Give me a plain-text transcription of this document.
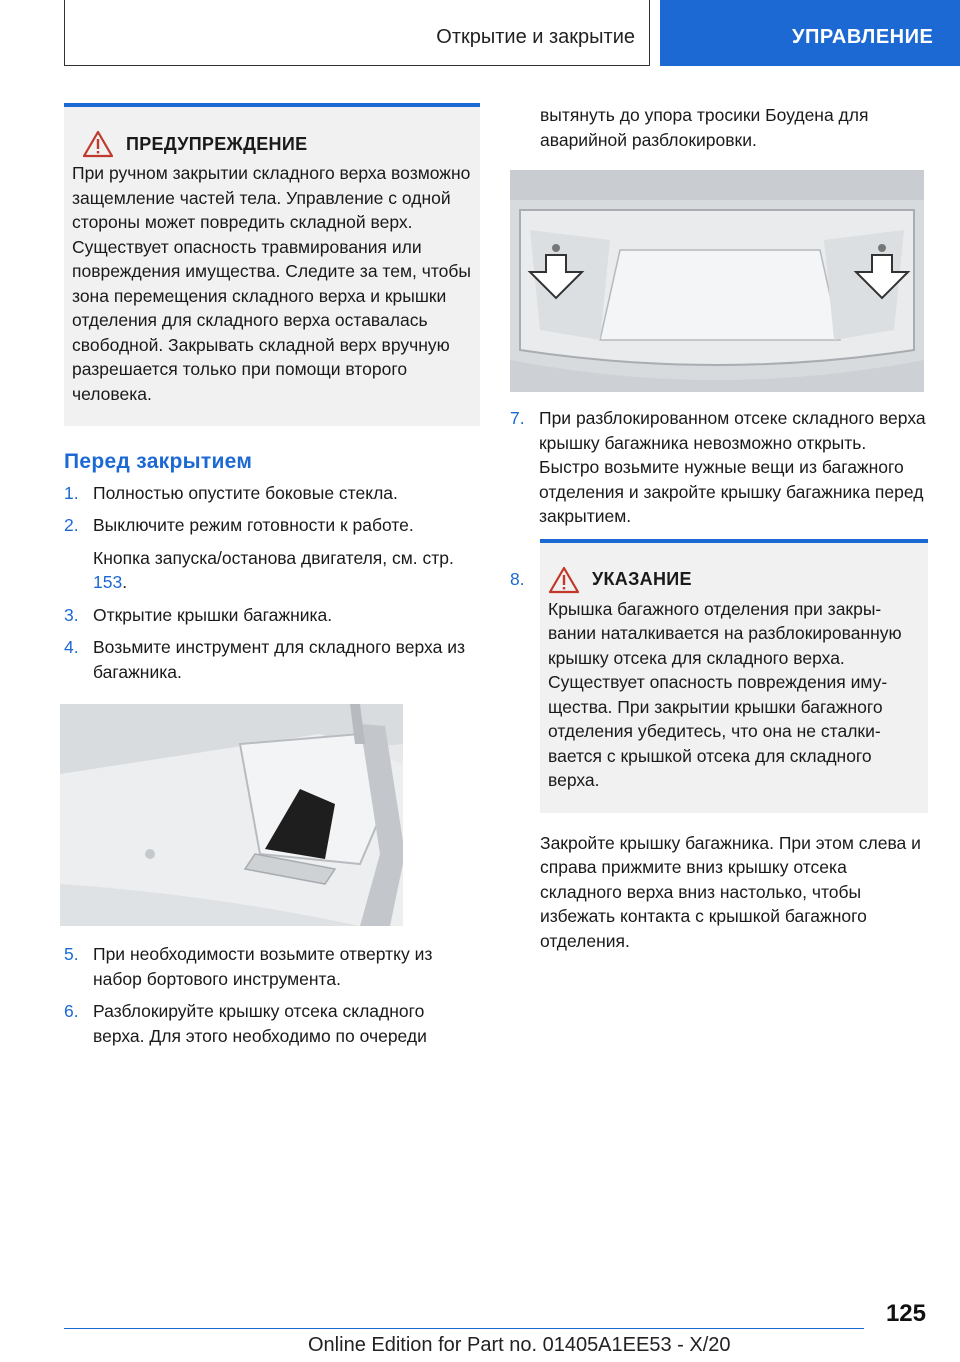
Открытие и закрытие	УПРАВЛЕНИЕ
ПРЕДУПРЕЖДЕНИЕ
При ручном закрытии складного верха возможно защемление частей тела. Управление с одной стороны может повредить складной верх. Существует опасность травмирования или повреждения имущества. Следите за тем, чтобы зона перемещения складного верха и крышки отделения для складного верха оставалась свободной. Закрывать складной верх вручную разрешается только при помощи второго человека.
Перед закрытием
1. Полностью опустите боковые стекла.
2. Выключите режим готовности к работе.
Кнопка запуска/останова двигателя, см. стр. 153.
3. Открытие крышки багажника.
4. Возьмите инструмент для складного верха из багажника.
5. При необходимости возьмите отвертку из набор бортового инструмента.
6. Разблокируйте крышку отсека складного верха. Для этого необходимо по очереди
вытянуть до упора тросики Боудена для аварийной разблокировки.
7. При разблокированном отсеке складного верха крышку багажника невозможно открыть. Быстро возьмите нужные вещи из багажного отделения и закройте крышку багажника перед закрытием.
8.	УКАЗАНИЕ
Крышка багажного отделения при закрывании наталкивается на разблокированную крышку отсека для складного верха. Существует опасность повреждения имущества. При закрытии крышки багажного отделения убедитесь, что она не сталкивается с крышкой отсека для складного верха.
Закройте крышку багажника. При этом слева и справа прижмите вниз крышку отсека складного верха вниз настолько, чтобы избежать контакта с крышкой багажного отделения.
125
Online Edition for Part no. 01405A1EE53 - X/20
